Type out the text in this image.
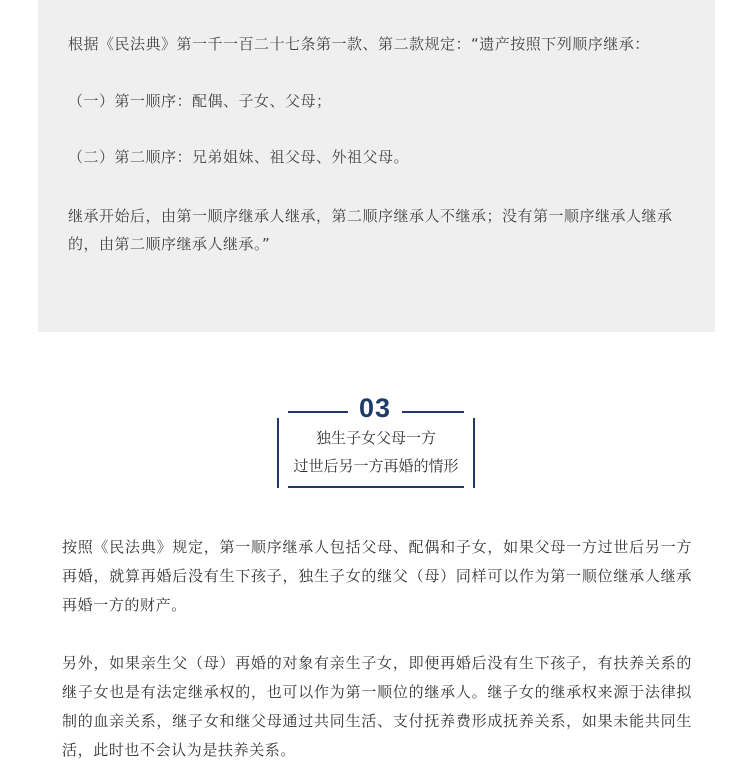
根据《民法典》第一千一百二十七条第一款、第二款规定：“遗产按照下列顺序继承：

（一）第一顺序：配偶、子女、父母；

（二）第二顺序：兄弟姐妹、祖父母、外祖父母。

继承开始后，由第一顺序继承人继承，第二顺序继承人不继承；没有第一顺序继承人继承的，由第二顺序继承人继承。”

03
独生子女父母一方
过世后另一方再婚的情形

按照《民法典》规定，第一顺序继承人包括父母、配偶和子女，如果父母一方过世后另一方再婚，就算再婚后没有生下孩子，独生子女的继父（母）同样可以作为第一顺位继承人继承再婚一方的财产。

另外，如果亲生父（母）再婚的对象有亲生子女，即便再婚后没有生下孩子，有扶养关系的继子女也是有法定继承权的，也可以作为第一顺位的继承人。继子女的继承权来源于法律拟制的血亲关系，继子女和继父母通过共同生活、支付抚养费形成抚养关系，如果未能共同生活，此时也不会认为是扶养关系。
